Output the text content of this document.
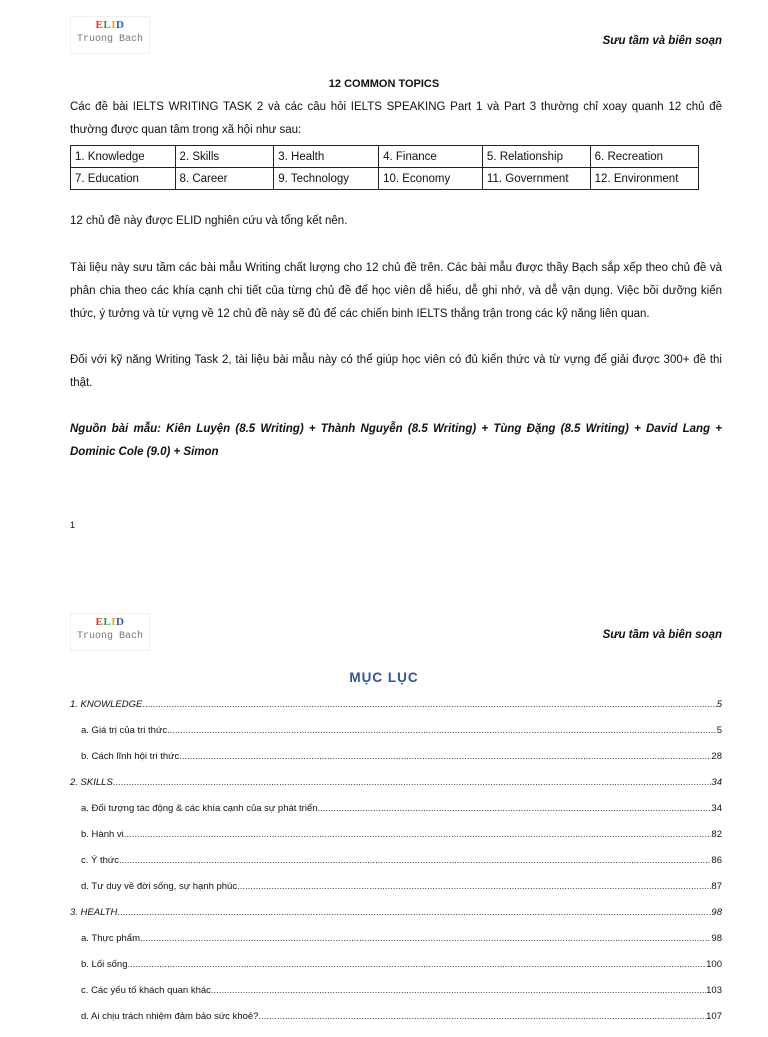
ELID
Truong Bach	Sưu tầm và biên soạn
12 COMMON TOPICS

Các đề bài IELTS WRITING TASK 2 và các câu hỏi IELTS SPEAKING Part 1 và Part 3 thường chỉ xoay quanh 12 chủ đề thường được quan tâm trong xã hội như sau:

1. Knowledge	2. Skills	3. Health	4. Finance	5. Relationship	6. Recreation
7. Education	8. Career	9. Technology	10. Economy	11. Government	12. Environment

12 chủ đề này được ELID nghiên cứu và tổng kết nên.

Tài liệu này sưu tầm các bài mẫu Writing chất lượng cho 12 chủ đề trên. Các bài mẫu được thầy Bạch sắp xếp theo chủ đề và phân chia theo các khía cạnh chi tiết của từng chủ đề để học viên dễ hiểu, dễ ghi nhớ, và dễ vận dụng. Việc bồi dưỡng kiến thức, ý tưởng và từ vựng về 12 chủ đề này sẽ đủ để các chiến binh IELTS thắng trận trong các kỹ năng liên quan.

Đối với kỹ năng Writing Task 2, tài liệu bài mẫu này có thể giúp học viên có đủ kiến thức và từ vựng để giải được 300+ đề thi thật.

Nguồn bài mẫu: Kiên Luyện (8.5 Writing) + Thành Nguyễn (8.5 Writing) + Tùng Đặng (8.5 Writing) + David Lang + Dominic Cole (9.0) + Simon

1
ELID
Truong Bach	Sưu tầm và biên soạn
MỤC LỤC
1. KNOWLEDGE .....	5
a. Giá trị của tri thức .....	5
b. Cách lĩnh hội tri thức .....	28
2. SKILLS .....	34
a. Đối tượng tác động & các khía cạnh của sự phát triển .....	34
b. Hành vi .....	82
c. Ý thức .....	86
d. Tư duy về đời sống, sự hạnh phúc .....	87
3. HEALTH .....	98
a. Thực phẩm .....	98
b. Lối sống .....	100
c. Các yếu tố khách quan khác .....	103
d. Ai chịu trách nhiệm đảm bảo sức khoẻ? .....	107
